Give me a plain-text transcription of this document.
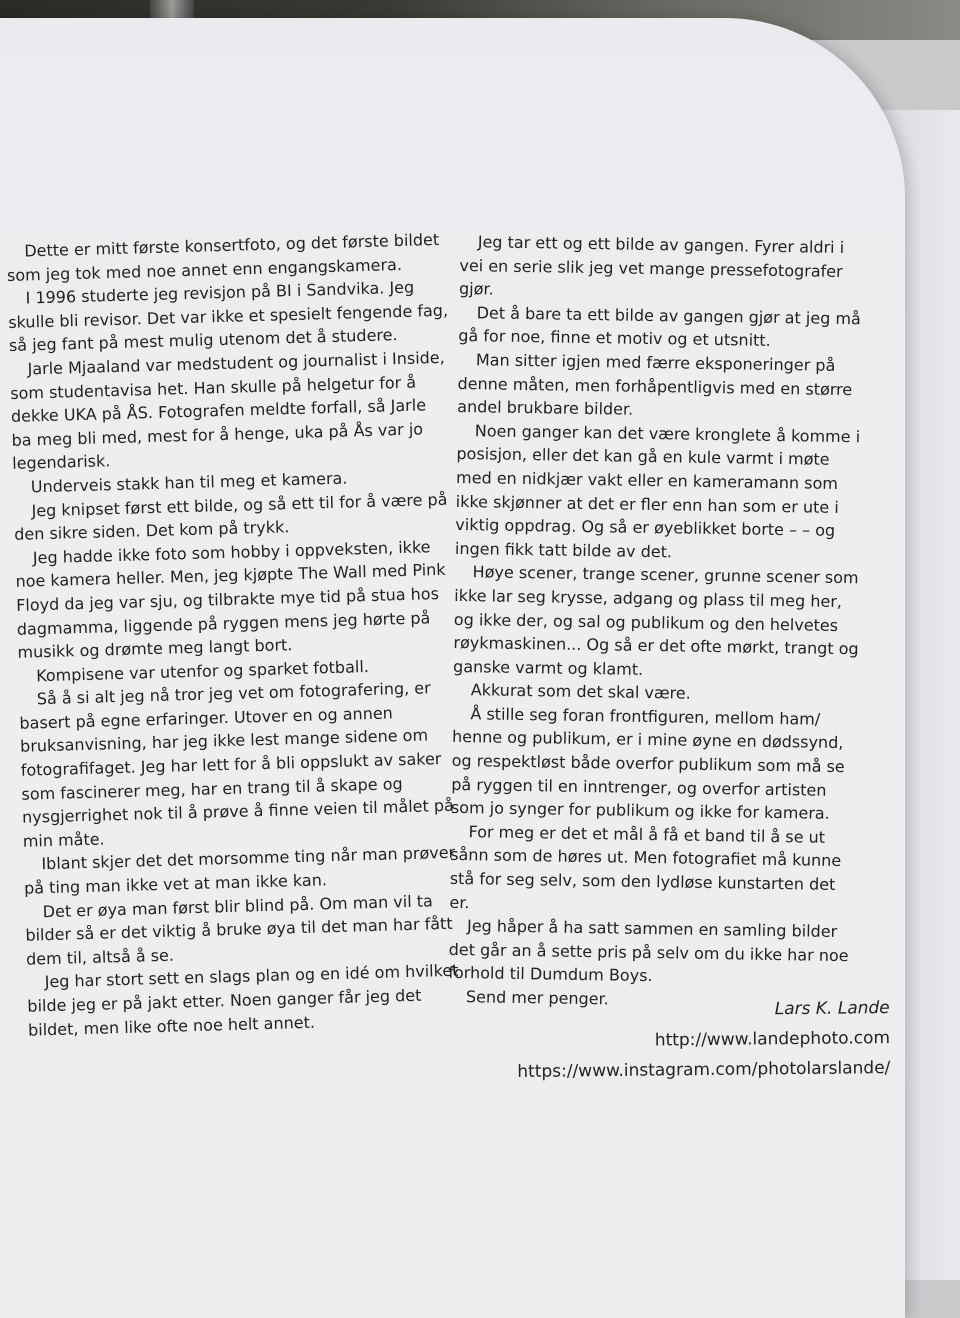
Dette er mitt første konsertfoto, og det første bildet som jeg tok med noe annet enn engangskamera.

I 1996 studerte jeg revisjon på BI i Sandvika. Jeg skulle bli revisor. Det var ikke et spesielt fengende fag, så jeg fant på mest mulig utenom det å studere.

Jarle Mjaaland var medstudent og journalist i Inside, som studentavisa het. Han skulle på helgetur for å dekke UKA på ÅS. Fotografen meldte forfall, så Jarle ba meg bli med, mest for å henge, uka på Ås var jo legendarisk.

Underveis stakk han til meg et kamera.

Jeg knipset først ett bilde, og så ett til for å være på den sikre siden. Det kom på trykk.

Jeg hadde ikke foto som hobby i oppveksten, ikke noe kamera heller. Men, jeg kjøpte The Wall med Pink Floyd da jeg var sju, og tilbrakte mye tid på stua hos dagmamma, liggende på ryggen mens jeg hørte på musikk og drømte meg langt bort.

Kompisene var utenfor og sparket fotball.

Så å si alt jeg nå tror jeg vet om fotografering, er basert på egne erfaringer. Utover en og annen bruksanvisning, har jeg ikke lest mange sidene om fotografifaget. Jeg har lett for å bli oppslukt av saker som fascinerer meg, har en trang til å skape og nysgjerrighet nok til å prøve å finne veien til målet på min måte.

Iblant skjer det det morsomme ting når man prøver på ting man ikke vet at man ikke kan.

Det er øya man først blir blind på. Om man vil ta bilder så er det viktig å bruke øya til det man har fått dem til, altså å se.

Jeg har stort sett en slags plan og en idé om hvilket bilde jeg er på jakt etter. Noen ganger får jeg det bildet, men like ofte noe helt annet.

Jeg tar ett og ett bilde av gangen. Fyrer aldri i vei en serie slik jeg vet mange pressefotografer gjør.

Det å bare ta ett bilde av gangen gjør at jeg må gå for noe, finne et motiv og et utsnitt.

Man sitter igjen med færre eksponeringer på denne måten, men forhåpentligvis med en større andel brukbare bilder.

Noen ganger kan det være kronglete å komme i posisjon, eller det kan gå en kule varmt i møte med en nidkjær vakt eller en kameramann som ikke skjønner at det er fler enn han som er ute i viktig oppdrag. Og så er øyeblikket borte – – og ingen fikk tatt bilde av det.

Høye scener, trange scener, grunne scener som ikke lar seg krysse, adgang og plass til meg her, og ikke der, og sal og publikum og den helvetes røykmaskinen... Og så er det ofte mørkt, trangt og ganske varmt og klamt.

Akkurat som det skal være.

Å stille seg foran frontfiguren, mellom ham/ henne og publikum, er i mine øyne en dødssynd, og respektløst både overfor publikum som må se på ryggen til en inntrenger, og overfor artisten som jo synger for publikum og ikke for kamera.

For meg er det et mål å få et band til å se ut sånn som de høres ut. Men fotografiet må kunne stå for seg selv, som den lydløse kunstarten det er.

Jeg håper å ha satt sammen en samling bilder det går an å sette pris på selv om du ikke har noe forhold til Dumdum Boys.

Send mer penger.

Lars K. Lande
http://www.landephoto.com
https://www.instagram.com/photolarslande/
